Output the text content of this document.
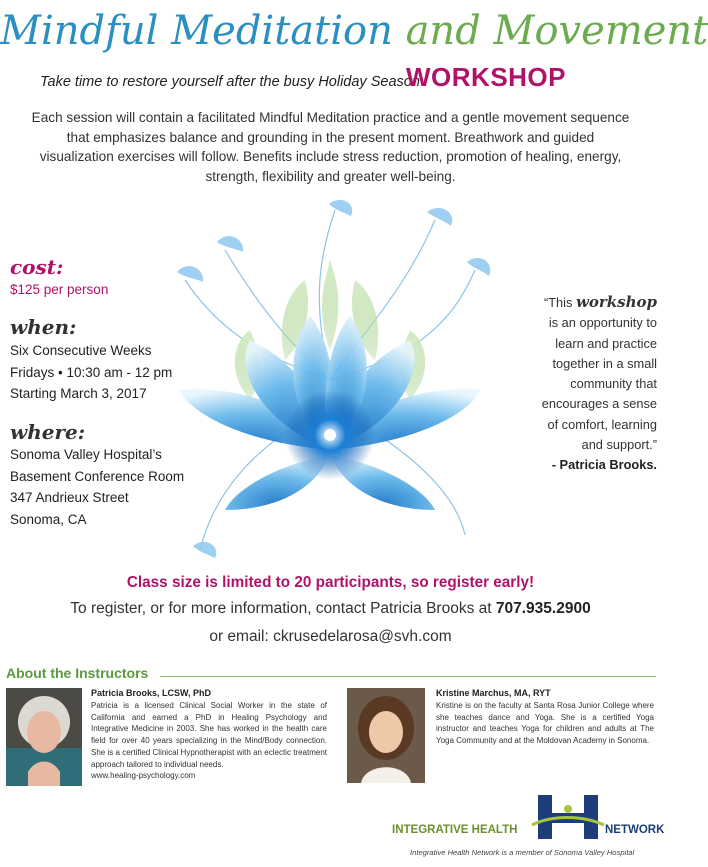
Mindful Meditation and Movement
Take time to restore yourself after the busy Holiday Season
WORKSHOP
Each session will contain a facilitated Mindful Meditation practice and a gentle movement sequence that emphasizes balance and grounding in the present moment. Breathwork and guided visualization exercises will follow. Benefits include stress reduction, promotion of healing, energy, strength, flexibility and greater well-being.
cost:
$125 per person
when:
Six Consecutive Weeks
Fridays • 10:30 am - 12 pm
Starting March 3, 2017
where:
Sonoma Valley Hospital’s
Basement Conference Room
347 Andrieux Street
Sonoma, CA
“This workshop
is an opportunity to
learn and practice
together in a small
community that
encourages a sense
of comfort, learning
and support.”
- Patricia Brooks.
Class size is limited to 20 participants, so register early!
To register, or for more information, contact Patricia Brooks at 707.935.2900
or email: ckrusedelarosa@svh.com
About the Instructors
Patricia Brooks, LCSW, PhD
Patricia is a licensed Clinical Social Worker in the state of California and earned a PhD in Healing Psychology and Integrative Medicine in 2003. She has worked in the health care field for over 40 years specializing in the Mind/Body connection. She is a certified Clinical Hypnotherapist with an eclectic treatment approach tailored to individual needs.
www.healing-psychology.com
Kristine Marchus, MA, RYT
Kristine is on the faculty at Santa Rosa Junior College where she teaches dance and Yoga. She is a certified Yoga instructor and teaches Yoga for children and adults at The Yoga Community and at the Moldovan Academy in Sonoma.
INTEGRATIVE HEALTH	NETWORK
Integrative Health Network is a member of Sonoma Valley Hospital
